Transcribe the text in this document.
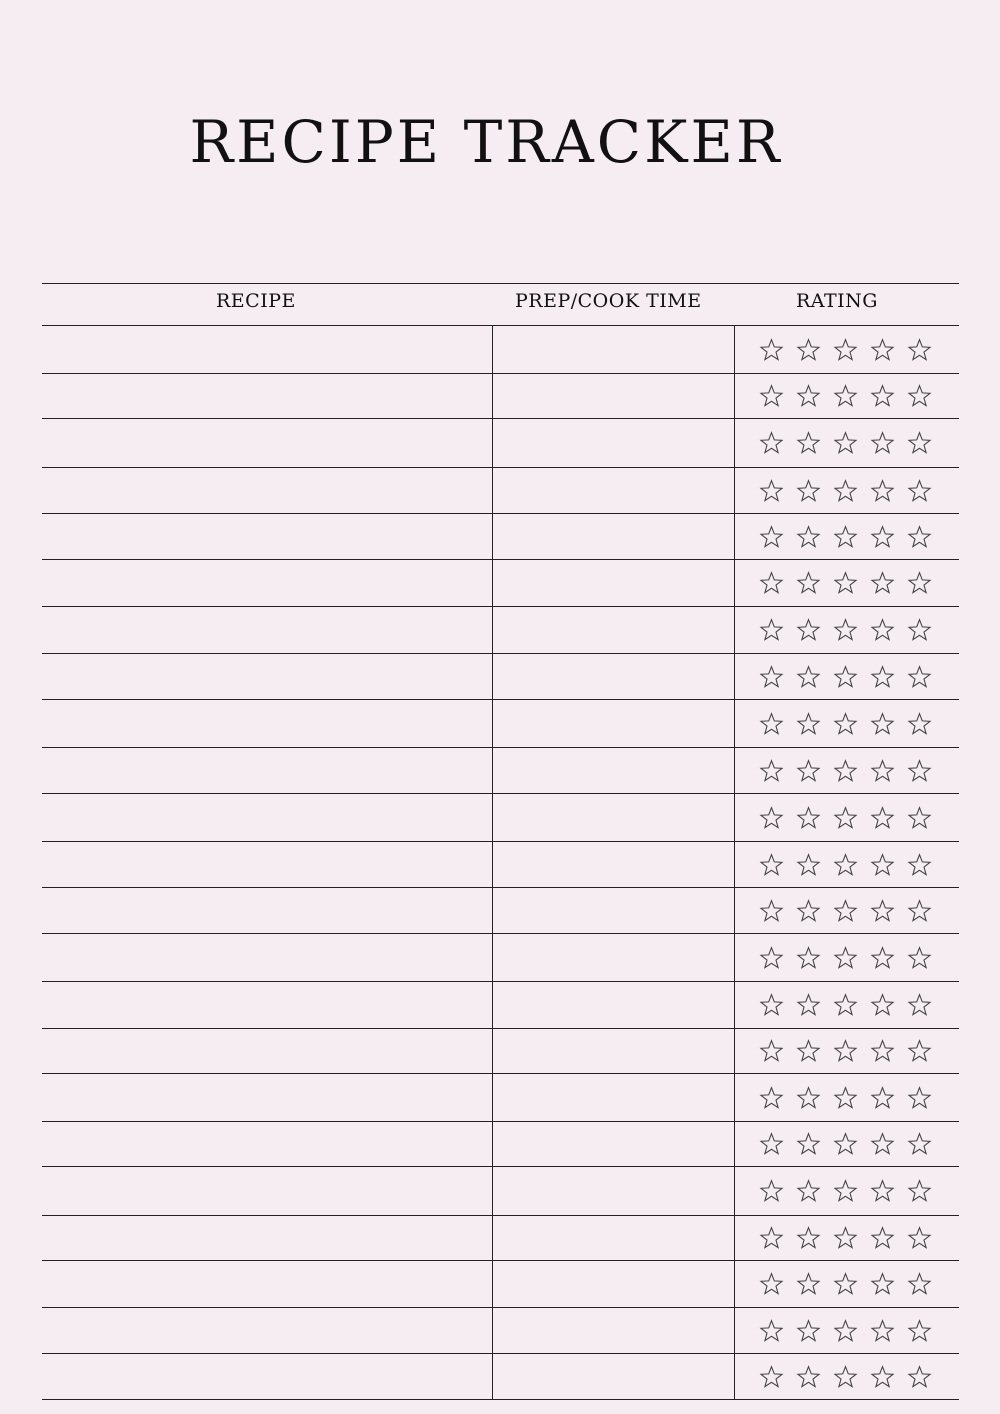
RECIPE TRACKER
RECIPE	PREP/COOK TIME	RATING
